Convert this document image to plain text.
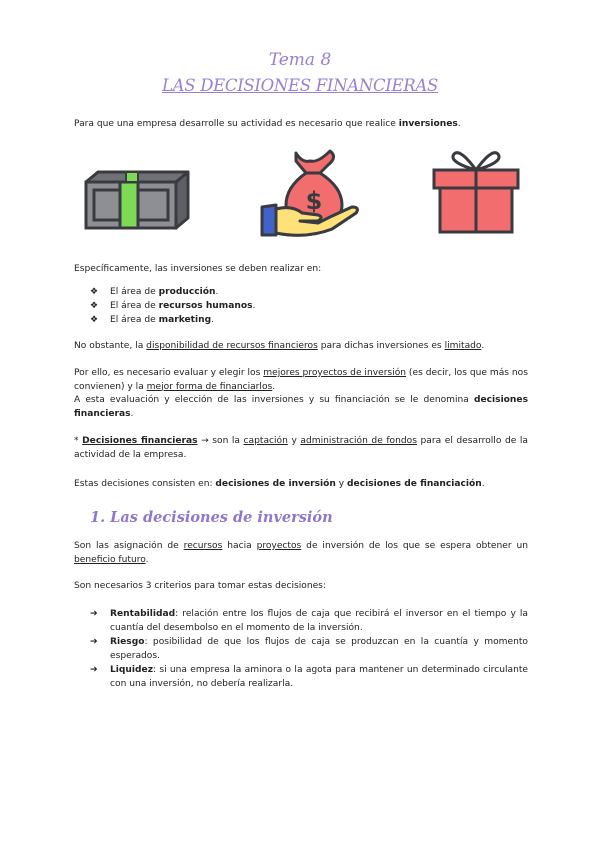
Tema 8
LAS DECISIONES FINANCIERAS

Para que una empresa desarrolle su actividad es necesario que realice inversiones.

$

Específicamente, las inversiones se deben realizar en:

❖	El área de producción.
❖	El área de recursos humanos.
❖	El área de marketing.

No obstante, la disponibilidad de recursos financieros para dichas inversiones es limitado.

Por ello, es necesario evaluar y elegir los mejores proyectos de inversión (es decir, los que más nos convienen) y la mejor forma de financiarlos.
A esta evaluación y elección de las inversiones y su financiación se le denomina decisiones financieras.

* Decisiones financieras → son la captación y administración de fondos para el desarrollo de la actividad de la empresa.

Estas decisiones consisten en: decisiones de inversión y decisiones de financiación.

1. Las decisiones de inversión

Son las asignación de recursos hacia proyectos de inversión de los que se espera obtener un beneficio futuro.

Son necesarios 3 criterios para tomar estas decisiones:

➔	Rentabilidad: relación entre los flujos de caja que recibirá el inversor en el tiempo y la cuantía del desembolso en el momento de la inversión.
➔	Riesgo: posibilidad de que los flujos de caja se produzcan en la cuantía y momento esperados.
➔	Liquidez: si una empresa la aminora o la agota para mantener un determinado circulante con una inversión, no debería realizarla.
